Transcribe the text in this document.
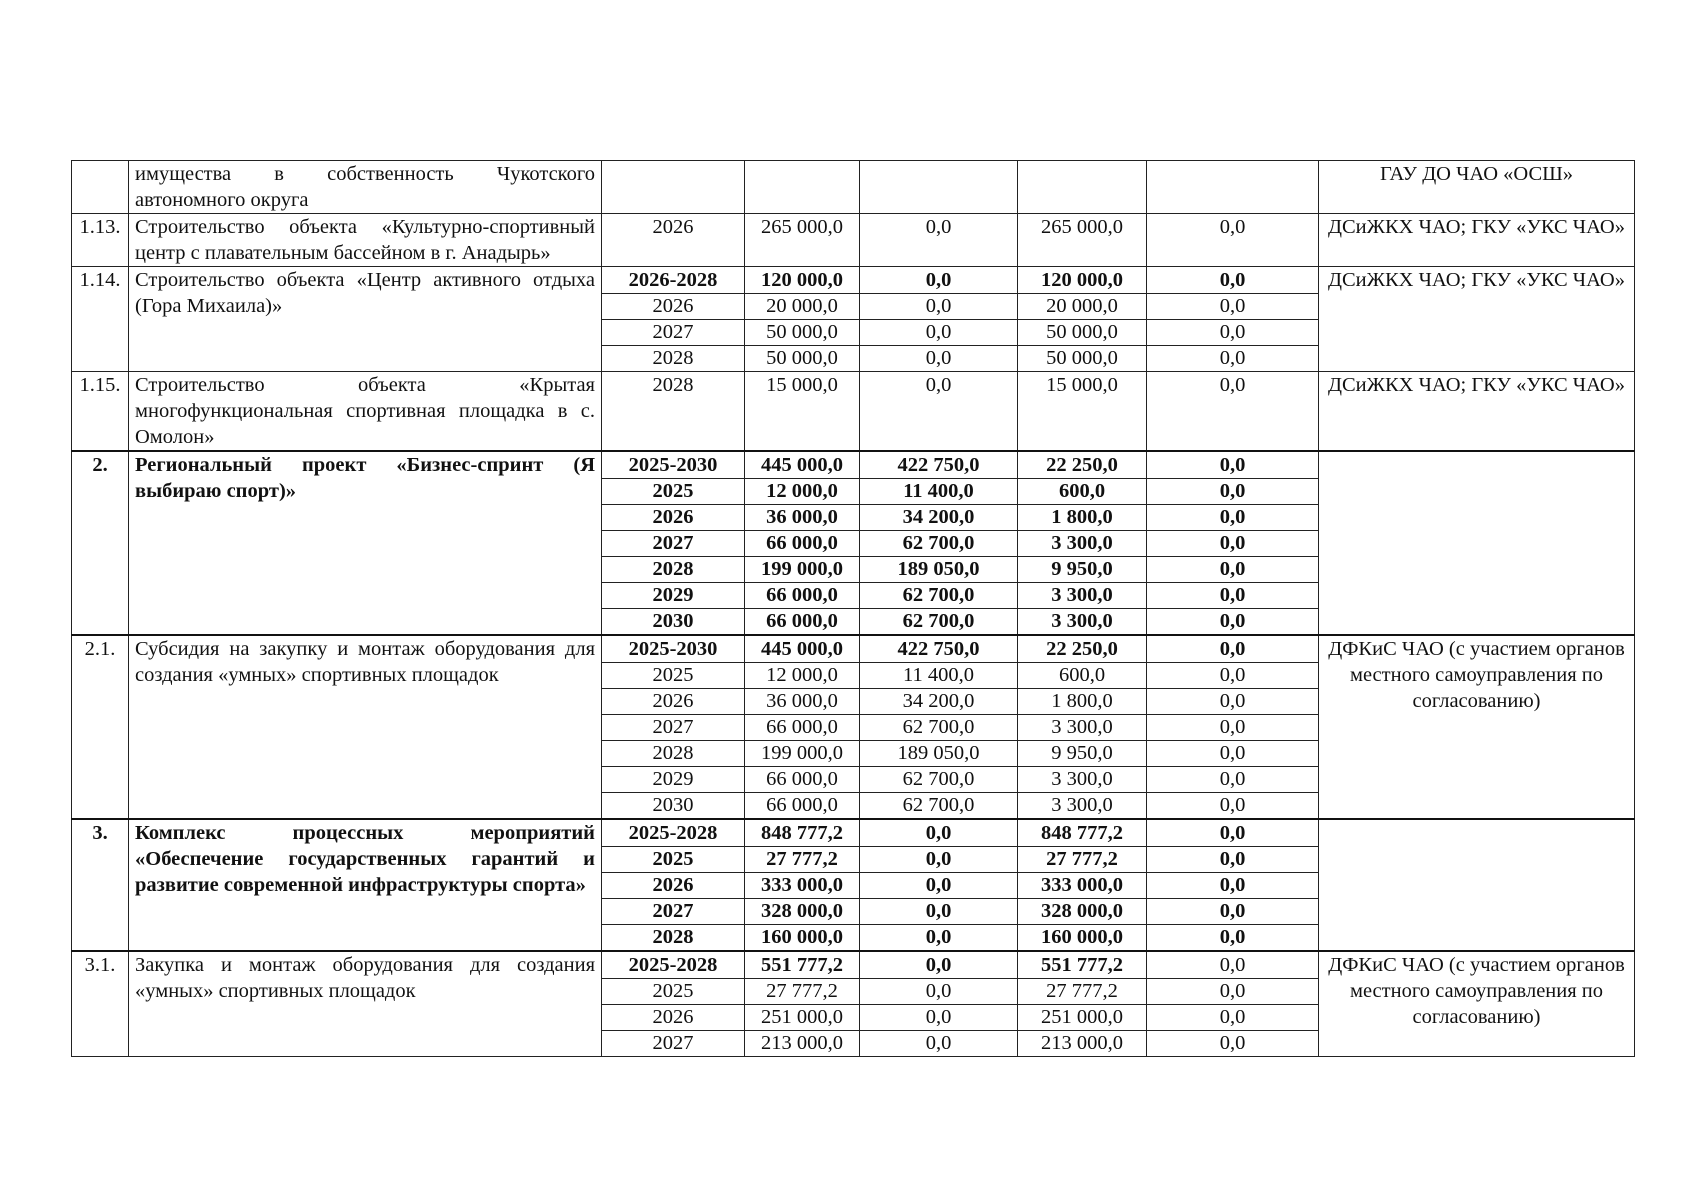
	имущества в собственность Чукотского автономного округа						ГАУ ДО ЧАО «ОСШ»
1.13.	Строительство объекта «Культурно-спортивный центр с плавательным бассейном в г. Анадырь»	2026	265 000,0	0,0	265 000,0	0,0	ДСиЖКХ ЧАО; ГКУ «УКС ЧАО»
1.14.	Строительство объекта «Центр активного отдыха (Гора Михаила)»	2026-2028	120 000,0	0,0	120 000,0	0,0	ДСиЖКХ ЧАО; ГКУ «УКС ЧАО»
		2026	20 000,0	0,0	20 000,0	0,0	
		2027	50 000,0	0,0	50 000,0	0,0	
		2028	50 000,0	0,0	50 000,0	0,0	
1.15.	Строительство объекта «Крытая многофункциональная спортивная площадка в с. Омолон»	2028	15 000,0	0,0	15 000,0	0,0	ДСиЖКХ ЧАО; ГКУ «УКС ЧАО»
2.	Региональный проект «Бизнес-спринт (Я выбираю спорт)»	2025-2030	445 000,0	422 750,0	22 250,0	0,0	
		2025	12 000,0	11 400,0	600,0	0,0	
		2026	36 000,0	34 200,0	1 800,0	0,0	
		2027	66 000,0	62 700,0	3 300,0	0,0	
		2028	199 000,0	189 050,0	9 950,0	0,0	
		2029	66 000,0	62 700,0	3 300,0	0,0	
		2030	66 000,0	62 700,0	3 300,0	0,0	
2.1.	Субсидия на закупку и монтаж оборудования для создания «умных» спортивных площадок	2025-2030	445 000,0	422 750,0	22 250,0	0,0	ДФКиС ЧАО (с участием органов местного самоуправления по согласованию)
		2025	12 000,0	11 400,0	600,0	0,0	
		2026	36 000,0	34 200,0	1 800,0	0,0	
		2027	66 000,0	62 700,0	3 300,0	0,0	
		2028	199 000,0	189 050,0	9 950,0	0,0	
		2029	66 000,0	62 700,0	3 300,0	0,0	
		2030	66 000,0	62 700,0	3 300,0	0,0	
3.	Комплекс процессных мероприятий «Обеспечение государственных гарантий и развитие современной инфраструктуры спорта»	2025-2028	848 777,2	0,0	848 777,2	0,0	
		2025	27 777,2	0,0	27 777,2	0,0	
		2026	333 000,0	0,0	333 000,0	0,0	
		2027	328 000,0	0,0	328 000,0	0,0	
		2028	160 000,0	0,0	160 000,0	0,0	
3.1.	Закупка и монтаж оборудования для создания «умных» спортивных площадок	2025-2028	551 777,2	0,0	551 777,2	0,0	ДФКиС ЧАО (с участием органов местного самоуправления по согласованию)
		2025	27 777,2	0,0	27 777,2	0,0	
		2026	251 000,0	0,0	251 000,0	0,0	
		2027	213 000,0	0,0	213 000,0	0,0	
